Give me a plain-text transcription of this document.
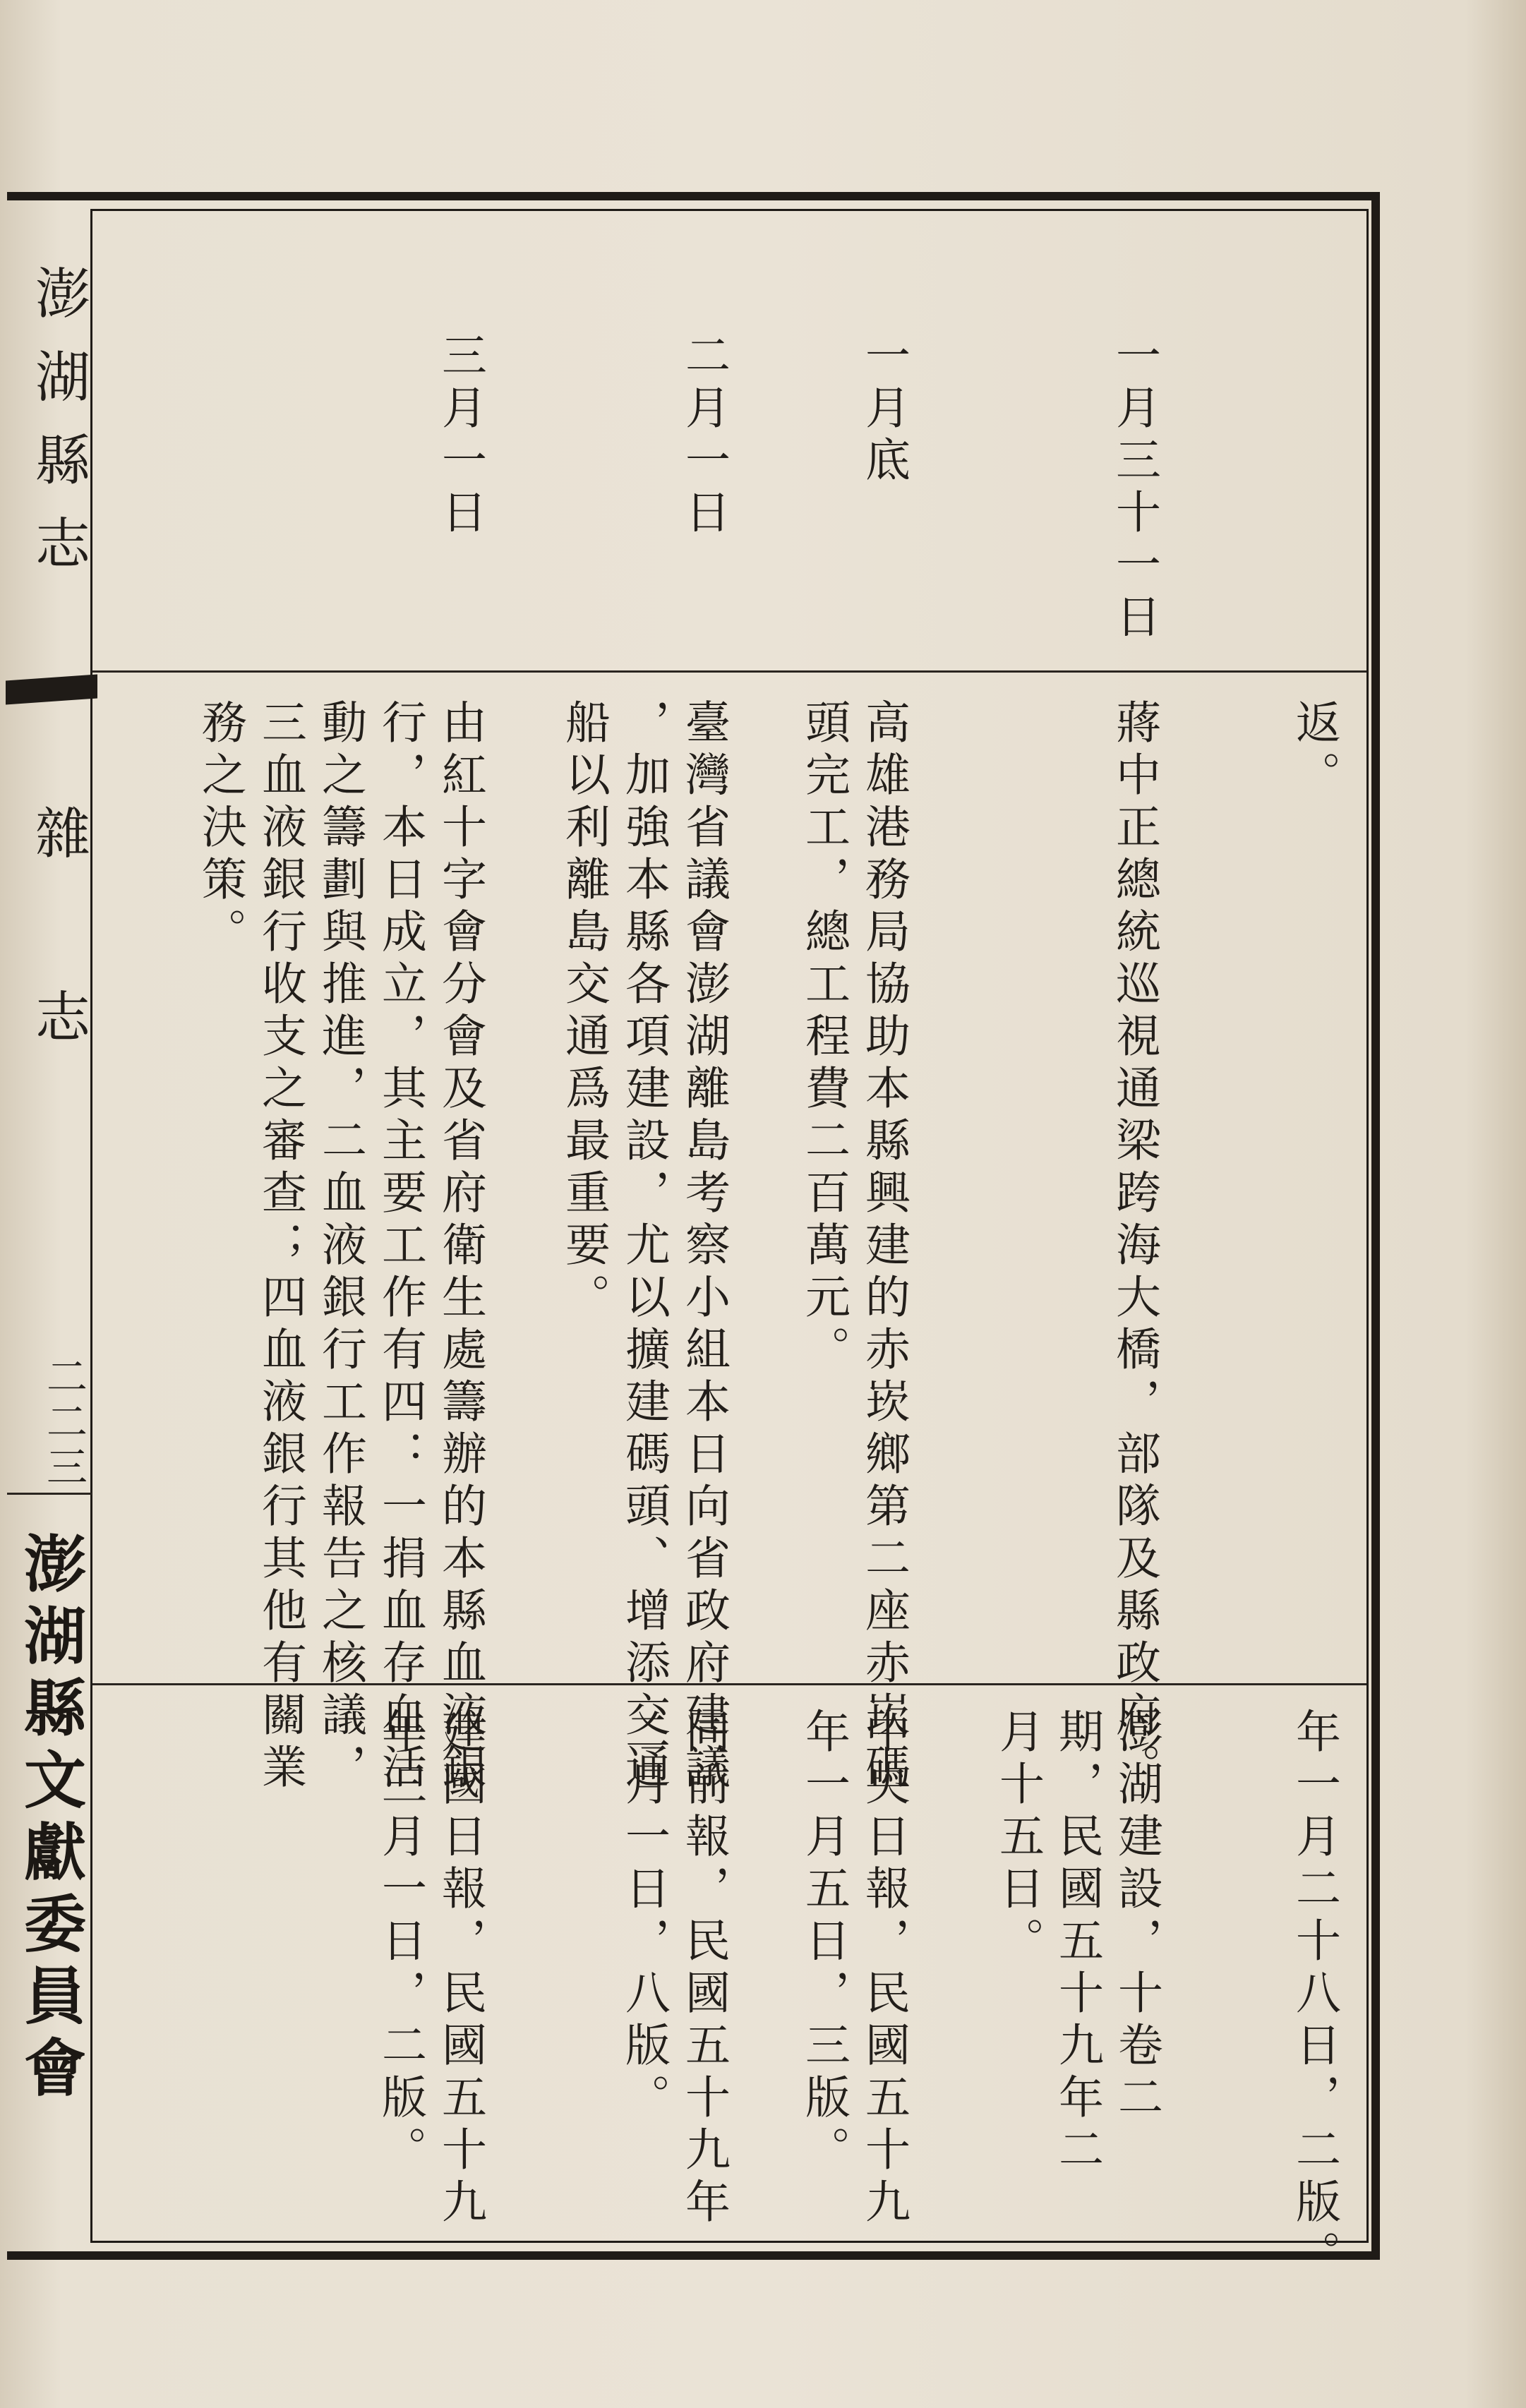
澎湖縣志
雜
志
二二三
澎湖縣文獻委員會
一月三十一日
返。
蔣中正總統巡視通梁跨海大橋，部隊及縣政府。
年一月二十八日，二版。
澎湖建設，十卷二期，民國五十九年二月十五日。
一月底
高雄港務局協助本縣興建的赤崁鄉第二座赤崁碼
頭完工，總工程費二百萬元。
中央日報，民國五十九
年一月五日，三版。
二月一日
臺灣省議會澎湖離島考察小組本日向省政府建議
，加強本縣各項建設，尤以擴建碼頭、增添交通
船以利離島交通爲最重要。
同前報，民國五十九年
二月一日，八版。
三月一日
由紅十字會分會及省府衛生處籌辦的本縣血液銀
行，本日成立，其主要工作有四：一捐血存血活
動之籌劃與推進，二血液銀行工作報告之核議，
三血液銀行收支之審查；四血液銀行其他有關業
務之決策。
建國日報，民國五十九
年三月一日，二版。
